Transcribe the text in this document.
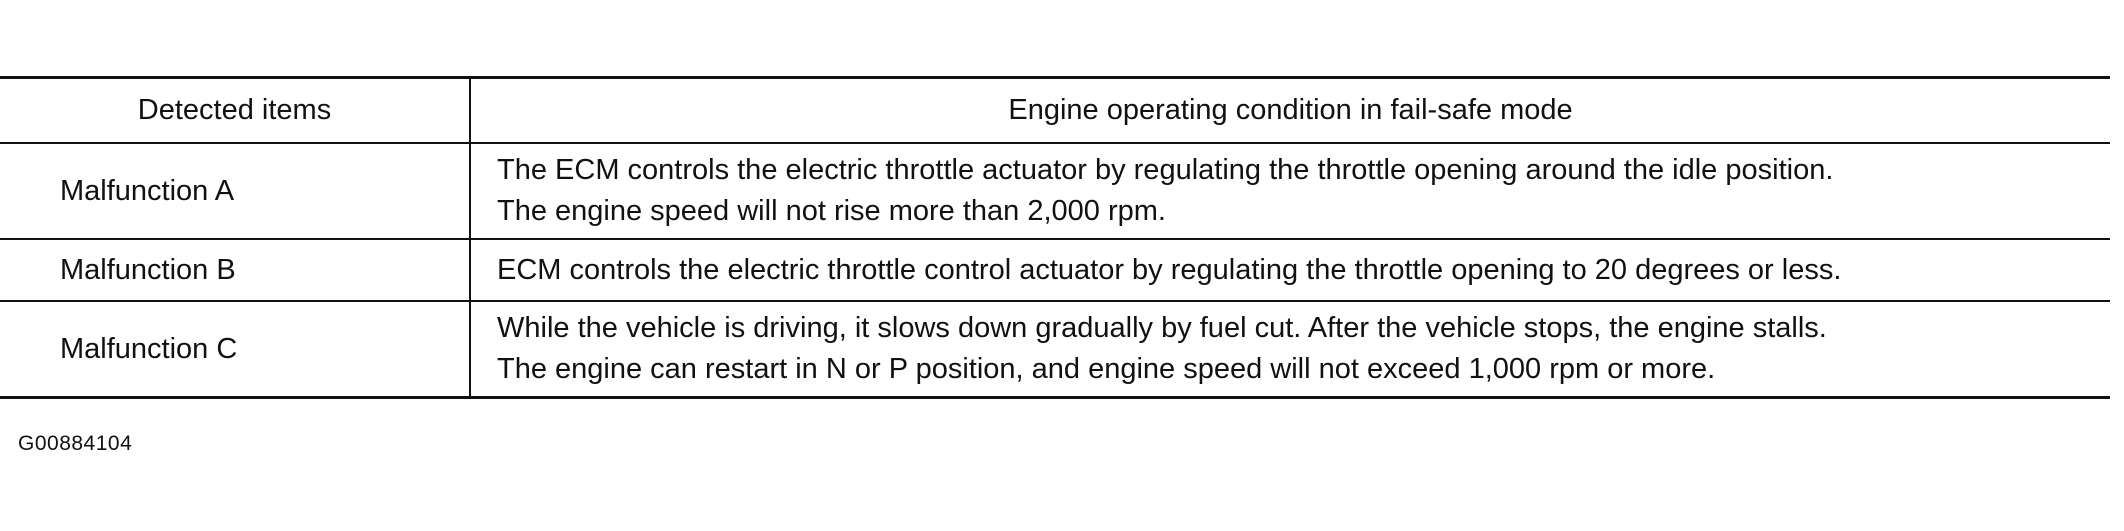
Detected items	Engine operating condition in fail-safe mode
Malfunction A	The ECM controls the electric throttle actuator by regulating the throttle opening around the idle position.
The engine speed will not rise more than 2,000 rpm.

Malfunction B	ECM controls the electric throttle control actuator by regulating the throttle opening to 20 degrees or less.

Malfunction C	While the vehicle is driving, it slows down gradually by fuel cut. After the vehicle stops, the engine stalls.
The engine can restart in N or P position, and engine speed will not exceed 1,000 rpm or more.
G00884104
